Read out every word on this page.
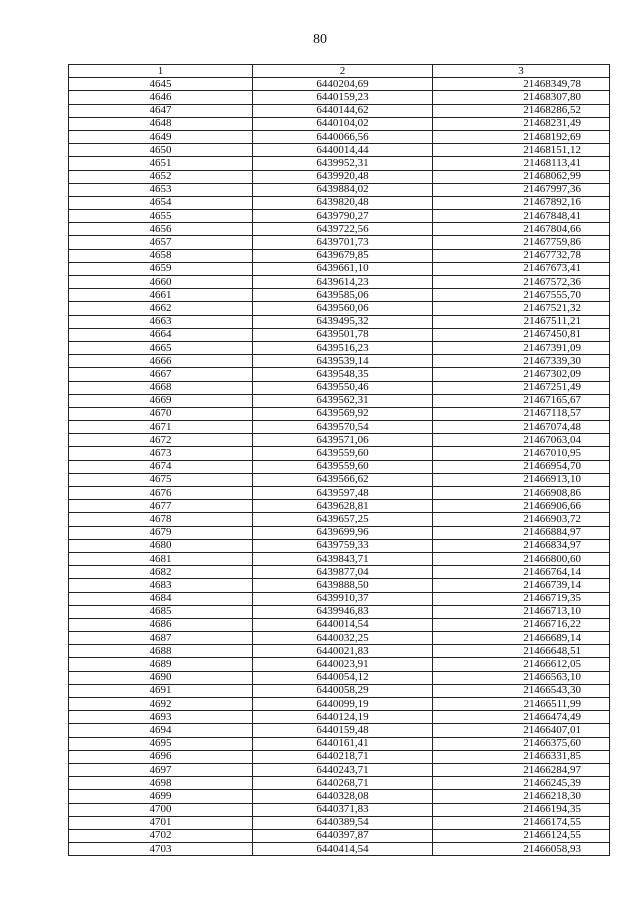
80
1	2	3
4645	6440204,69	21468349,78
4646	6440159,23	21468307,80
4647	6440144,62	21468286,52
4648	6440104,02	21468231,49
4649	6440066,56	21468192,69
4650	6440014,44	21468151,12
4651	6439952,31	21468113,41
4652	6439920,48	21468062,99
4653	6439884,02	21467997,36
4654	6439820,48	21467892,16
4655	6439790,27	21467848,41
4656	6439722,56	21467804,66
4657	6439701,73	21467759,86
4658	6439679,85	21467732,78
4659	6439661,10	21467673,41
4660	6439614,23	21467572,36
4661	6439585,06	21467555,70
4662	6439560,06	21467521,32
4663	6439495,32	21467511,21
4664	6439501,78	21467450,81
4665	6439516,23	21467391,09
4666	6439539,14	21467339,30
4667	6439548,35	21467302,09
4668	6439550,46	21467251,49
4669	6439562,31	21467165,67
4670	6439569,92	21467118,57
4671	6439570,54	21467074,48
4672	6439571,06	21467063,04
4673	6439559,60	21467010,95
4674	6439559,60	21466954,70
4675	6439566,62	21466913,10
4676	6439597,48	21466908,86
4677	6439628,81	21466906,66
4678	6439657,25	21466903,72
4679	6439699,96	21466884,97
4680	6439759,33	21466834,97
4681	6439843,71	21466800,60
4682	6439877,04	21466764,14
4683	6439888,50	21466739,14
4684	6439910,37	21466719,35
4685	6439946,83	21466713,10
4686	6440014,54	21466716,22
4687	6440032,25	21466689,14
4688	6440021,83	21466648,51
4689	6440023,91	21466612,05
4690	6440054,12	21466563,10
4691	6440058,29	21466543,30
4692	6440099,19	21466511,99
4693	6440124,19	21466474,49
4694	6440159,48	21466407,01
4695	6440161,41	21466375,60
4696	6440218,71	21466331,85
4697	6440243,71	21466284,97
4698	6440268,71	21466245,39
4699	6440328,08	21466218,30
4700	6440371,83	21466194,35
4701	6440389,54	21466174,55
4702	6440397,87	21466124,55
4703	6440414,54	21466058,93
